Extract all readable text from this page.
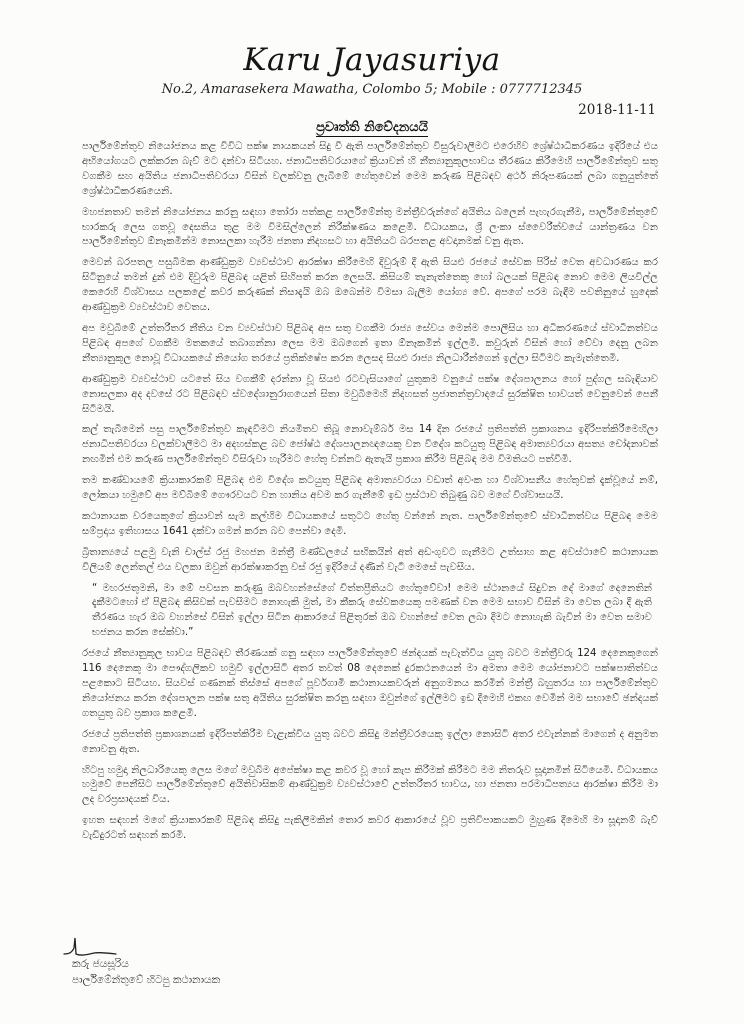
Karu Jayasuriya
No.2, Amarasekera Mawatha, Colombo 5; Mobile : 0777712345
2018-11-11
ප්‍රවෘත්ති නිවේදනයයි

පාර්ලිමේන්තුව නියෝජනය කළ විවිධ පක්ෂ නායකයන් සිදු වී ඇති පාර්ලිමේන්තුව විසුරුවාලීමට එරෙහිව ශ්‍රේෂ්ඨාධිකරණය ඉදිරියේ එය අභියෝගයට ලක්කරන බැව් මට දන්වා සිටියහ. ජනාධිපතිවරයාගේ ක්‍රියාවන් හි නීත්‍යානුකූලභාවය තීරණය කිරීමෙහි පාර්ලිමේන්තුව සතු වගකීම සහ අයිතිය ජනාධිපතිවරයා විසින් වලක්වනු ලැබීමේ හේතුවෙන් මෙම කරුණ පිළිබඳව අර්ථ නිරූපණයක් ලබා ගනුයුත්තේ ශ්‍රේෂ්ඨාධිකරණයෙනි.

මහජනතාව තමන් නියෝජනය කරනු සඳහා තෝරා පත්කළ පාර්ලිමේන්තු මන්ත්‍රීවරුන්ගේ අයිතිය බලෙන් පැහැරගැනීම, පාර්ලිමේන්තුවේ භාරකරු ලෙස ගතවූ දෙසතිය තුළ මම විමසිල්ලෙන් නිරීක්ෂණය කළෙමි. විධායකය, ශ්‍රී ලංකා ස්වෛරීත්වයේ යාන්ත්‍රණය වන පාර්ලිමේන්තුව ඕනෑකමින්ම නොසලකා හැරීම ජනතා නිදහසට හා අයිතියට බරපතළ අවදානමක් වනු ඇත.

මෙවන් බරපතල පසුබිමක ආණ්ඩුක්‍රම ව්‍යවස්ථාව ආරක්ෂා කිරීමෙහි දිවුරුම් දී ඇති සියළු රජයේ සේවක පිරිස් වෙත අවධාරණය කර සිටිනුයේ තමන් දුන් එම දිවුරුම පිළිබඳ යළිත් සිහිපත් කරන ලෙසයි. කිසියම් තැනැත්තෙකු හෝ බලයක් පිළිබඳ නොව මෙම ලියවිල්ල කෙරෙහි විශ්වාසය පලකළේ කවර කරුණක් නිසාදැයි ඔබ ඔබෙන්ම විමසා බැලීම යෝග්‍ය වේ. අපගේ පරම බැඳීම පවතිනුයේ හුදෙක් ආණ්ඩුක්‍රම ව්‍යවස්ථාව වෙතය.

අප මවුබිමේ උත්තරීතර නීතිය වන ව්‍යවස්ථාව පිළිබඳ අප සතු වගකීම රාජ්‍ය සේවය මෙන්ම පොලීසිය හා අධිකරණයේ ස්වාධීනත්වය පිළිබඳ අපගේ වගකීම මතකයේ තබාගන්නා ලෙස මම ඔබගෙන් ඉතා ඕනෑකමින් ඉල්ලමි. කවුරුන් විසින් හෝ වේවා දෙනු ලබන නීත්‍යානුකූල නොවූ විධායකයේ නියෝග තරයේ ප්‍රතික්ෂේප කරන ලෙසද සියළු රාජ්‍ය නිලධාරීන්ගෙන් ඉල්ලා සිටිමට කැමැත්තෙමි.

ආණ්ඩුක්‍රම ව්‍යවස්ථාව යටතේ සිය වගකීම් දරන්නා වූ සියළු රටවැසියාගේ යුතුකම වනුයේ පක්ෂ දේශපාලනය හෝ පුද්ගල සබැඳියාව නොසලකා අද දවසේ රට පිළිබඳව ස්වදේශානුරාගයෙන් සිතා මවුබිමෙහි නිදහසත් ප්‍රජාතන්ත්‍රවාදයේ සුරක්ෂිත භාවයත් වෙනුවෙන් පෙනී සිටීමයි.

කල් තැබීමෙන් පසු පාර්ලිමේන්තුව කැඳවීමට නියමිතව තිබූ නොවැම්බර් මස 14 දින රජයේ ප්‍රතිපත්ති ප්‍රකාශනය ඉදිරිපත්කිරීමෙහිලා ජනාධිපතිවරයා වලක්වාලීමට මා අදහස්කළ බව ජෝෂ්ඨ දේශපාලනඥයෙකු වන විදේශ කටයුතු පිළිබඳ අමාත්‍යවරයා අසත්‍ය චෝදනාවක් නඟමින් එම කරුණ පාර්ලිමේන්තුව විසිරුවා හැරීමට හේතු වන්නට ඇතැයි ප්‍රකාශ කිරීම පිළිබඳ මම විමතියට පත්වීමි.

තම කණ්ඩායමේ ක්‍රියාකාරකම් පිළිබඳ එම විදේශ කටයුතු පිළිබඳ අමාත්‍යවරයා වඩාත් අවංක හා විශ්වාසනීය හේතුවක් දැක්වූයේ නම්, ලෝකයා හමුවේ අප මව්බිමේ ගෞරවයට වන හානිය අවම කර ගැනීමේ ඉඩ ප්‍රස්ථාව තිබුණු බව මගේ විශ්වාසයයි.

කථානායක වරයෙකුගේ ක්‍රියාවන් සැම කල්හිම විධායකයේ සතුටට හේතු වන්නේ නැත. පාර්ලිමේන්තුවේ ස්වාධීනත්වය පිළිබඳ මෙම සම්ප්‍රදාය ඉතිහාසය 1641 දක්වා ගමන් කරන බව පෙන්වා දෙමි.

බ්‍රිතාන්‍යයේ පළමු වැනි චාල්ස් රජු මහජන මන්ත්‍රී මණ්ඩලයේ සභිකයින් අත් අඩංගුවට ගැනීමට උත්සාහ කළ අවස්ථාවේ කථානායක විලියම් ලෙන්තල් එය වලකා ඔවුන් ආරක්ෂාකරනු වස් රජු ඉදිරියේ දණින් වැටී මෙසේ පැවසීය.

“ මහරජතුමනි, මා මේ පවසන කරුණු ඔබවහන්සේගේ චිත්තප්‍රීතියට හේතුවේවා! මෙම ස්ථානයේ සිදුවන දේ මාගේ දෙනෙතින් දැකීමටහෝ ඒ පිළිබඳ කිසිවක් පැවසීමට නොහැකි මුත්, මා කීකරු සේවකයෙකු පමණක් වන මෙම සභාව විසින් මා වෙත ලබා දී ඇති තීරණය හැර ඔබ වහන්සේ විසින් ඉල්ලා සිටින ආකාරයේ පිළිතුරක් ඔබ වහන්සේ වෙත ලබා දීමට නොහැකි බැවින් මා වෙත සමාව භජනය කරන සේක්වා.”

රජයේ නීත්‍යානුකූල භාවය පිළිබඳව තීරණයක් ගනු සඳහා පාර්ලිමේන්තුවේ ඡන්දයක් පැවැත්විය යුතු බවට මන්ත්‍රීවරු 124 දෙනෙකුගෙන් 116 දෙනෙකු මා පෞද්ගලිකව හමුවී ඉල්ලාසිටී අතර තවත් 08 දෙනෙක් දුරකථනයෙන් මා අමතා මෙම යෝජනාවට පක්ෂපාතිත්වය පළකොට සිටියහ. සියවස් ගණනක් තිස්සේ අපගේ පූර්වගාමී කථානායකවරුන් අනුගමනය කරමින් මන්ත්‍රී බහුතරය හා පාර්ලිමේන්තුව නියෝජනය කරන දේශපාලන පක්ෂ සතු අයිතිය සුරක්ෂිත කරනු සඳහා ඔවුන්ගේ ඉල්ලීමට ඉඩ දීමෙහි එකඟ වෙමින් මම සභාවේ ඡන්දයක් ගතයුතු බව ප්‍රකාශ කළෙමි.

රජයේ ප්‍රතිපත්ති ප්‍රකාශනයක් ඉදිරිපත්කිරීම වැළැක්විය යුතු බවට කිසිදු මන්ත්‍රීවරයෙකු ඉල්ලා නොසිටි අතර එවැන්නක් මාගෙන් ද අනුමත නොවනු ඇත.

හිටපු හමුදා නිලධාරියෙකු ලෙස මගේ මවුබිම අපේක්ෂා කළ කවර වූ හෝ කැප කිරීමක් කිරීමට මම නිතරුව සූදානමින් සිටියෙමි. විධායකය හමුවේ පෙනීසිට පාර්ලිමේන්තුවේ අයිතිවාසිකම් ආණ්ඩුක්‍රම ව්‍යවස්ථාවේ උත්තරීතර භාවය, හා ජනතා පරමාධිපත්‍යය ආරක්ෂා කිරීම මා ලද වරප්‍රසාදයක් විය.

ඉහත සඳහන් මගේ ක්‍රියාකාරකම් පිළිබඳ කිසිදු පැකිලීමකින් තොර කවර ආකාරයේ වූව ප්‍රතිවිපාකයකට මුහුණ දීමෙහි මා සූදානම් බැව් වැඩිදුරටත් සඳහන් කරමි.

කරු ජයසූරිය
පාර්ලිමේන්තුවේ හිටපු කථානායක
